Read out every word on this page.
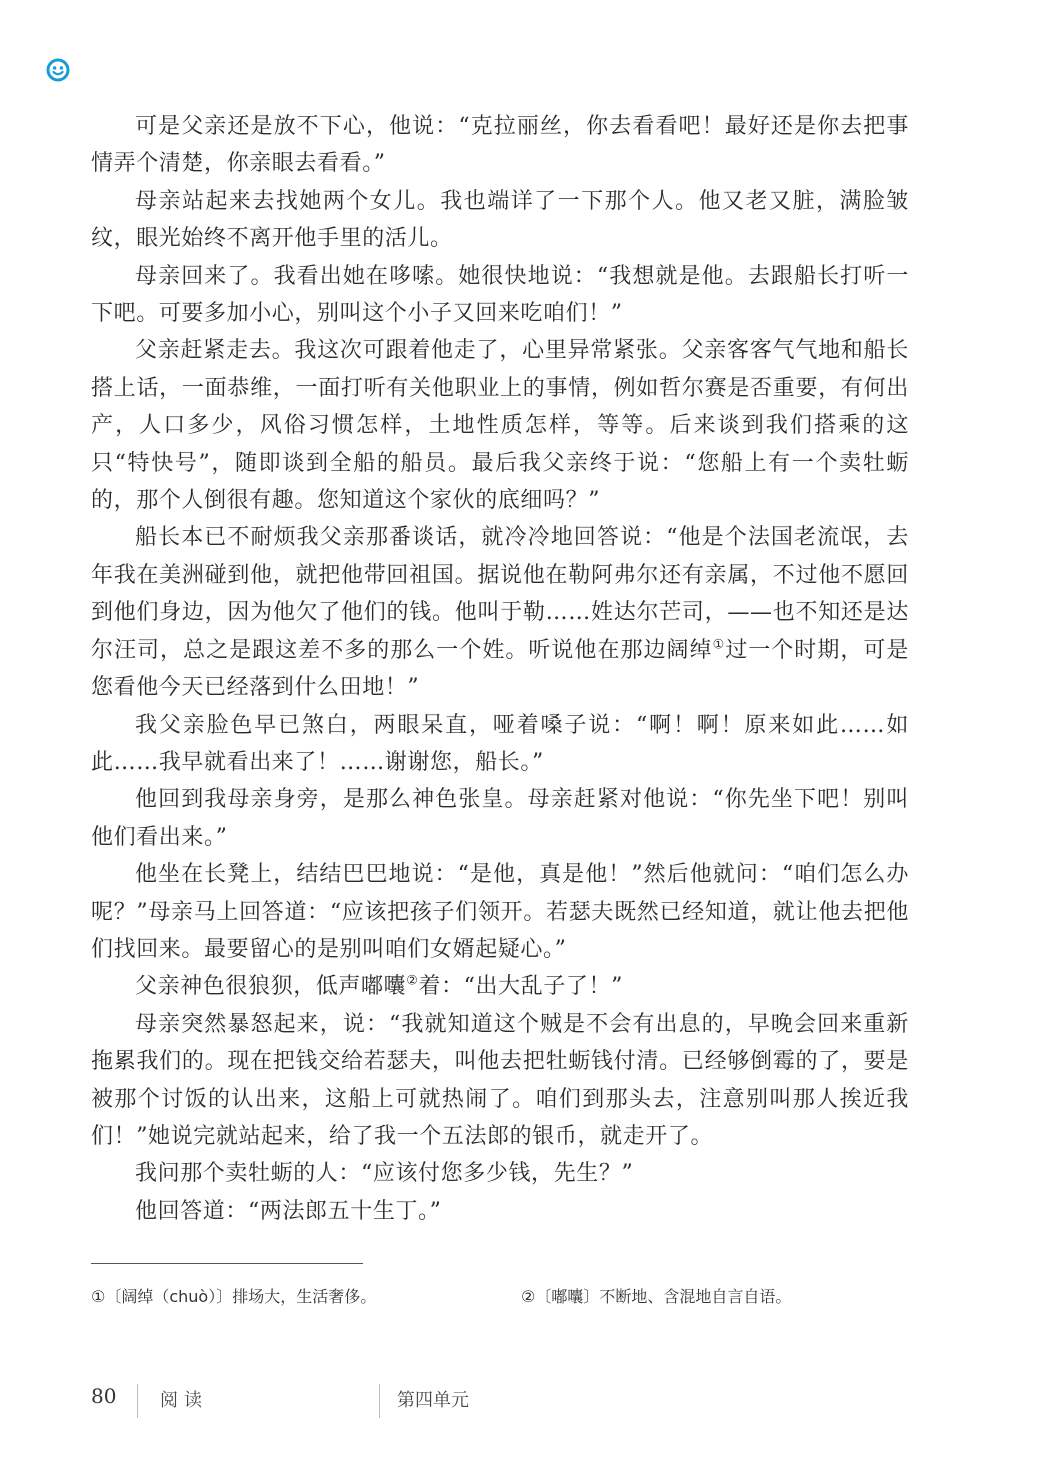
可是父亲还是放不下心，他说：“克拉丽丝，你去看看吧！最好还是你去把事情弄个清楚，你亲眼去看看。”

母亲站起来去找她两个女儿。我也端详了一下那个人。他又老又脏，满脸皱纹，眼光始终不离开他手里的活儿。

母亲回来了。我看出她在哆嗦。她很快地说：“我想就是他。去跟船长打听一下吧。可要多加小心，别叫这个小子又回来吃咱们！”

父亲赶紧走去。我这次可跟着他走了，心里异常紧张。父亲客客气气地和船长搭上话，一面恭维，一面打听有关他职业上的事情，例如哲尔赛是否重要，有何出产，人口多少，风俗习惯怎样，土地性质怎样，等等。后来谈到我们搭乘的这只“特快号”，随即谈到全船的船员。最后我父亲终于说：“您船上有一个卖牡蛎的，那个人倒很有趣。您知道这个家伙的底细吗？”

船长本已不耐烦我父亲那番谈话，就冷冷地回答说：“他是个法国老流氓，去年我在美洲碰到他，就把他带回祖国。据说他在勒阿弗尔还有亲属，不过他不愿回到他们身边，因为他欠了他们的钱。他叫于勒……姓达尔芒司，——也不知还是达尔汪司，总之是跟这差不多的那么一个姓。听说他在那边阔绰①过一个时期，可是您看他今天已经落到什么田地！”

我父亲脸色早已煞白，两眼呆直，哑着嗓子说：“啊！啊！原来如此……如此……我早就看出来了！……谢谢您，船长。”

他回到我母亲身旁，是那么神色张皇。母亲赶紧对他说：“你先坐下吧！别叫他们看出来。”

他坐在长凳上，结结巴巴地说：“是他，真是他！”然后他就问：“咱们怎么办呢？”母亲马上回答道：“应该把孩子们领开。若瑟夫既然已经知道，就让他去把他们找回来。最要留心的是别叫咱们女婿起疑心。”

父亲神色很狼狈，低声嘟囔②着：“出大乱子了！”

母亲突然暴怒起来，说：“我就知道这个贼是不会有出息的，早晚会回来重新拖累我们的。现在把钱交给若瑟夫，叫他去把牡蛎钱付清。已经够倒霉的了，要是被那个讨饭的认出来，这船上可就热闹了。咱们到那头去，注意别叫那人挨近我们！”她说完就站起来，给了我一个五法郎的银币，就走开了。

我问那个卖牡蛎的人：“应该付您多少钱，先生？”

他回答道：“两法郎五十生丁。”

①〔阔绰（chuò）〕排场大，生活奢侈。	②〔嘟囔〕不断地、含混地自言自语。
80 阅读	第四单元
